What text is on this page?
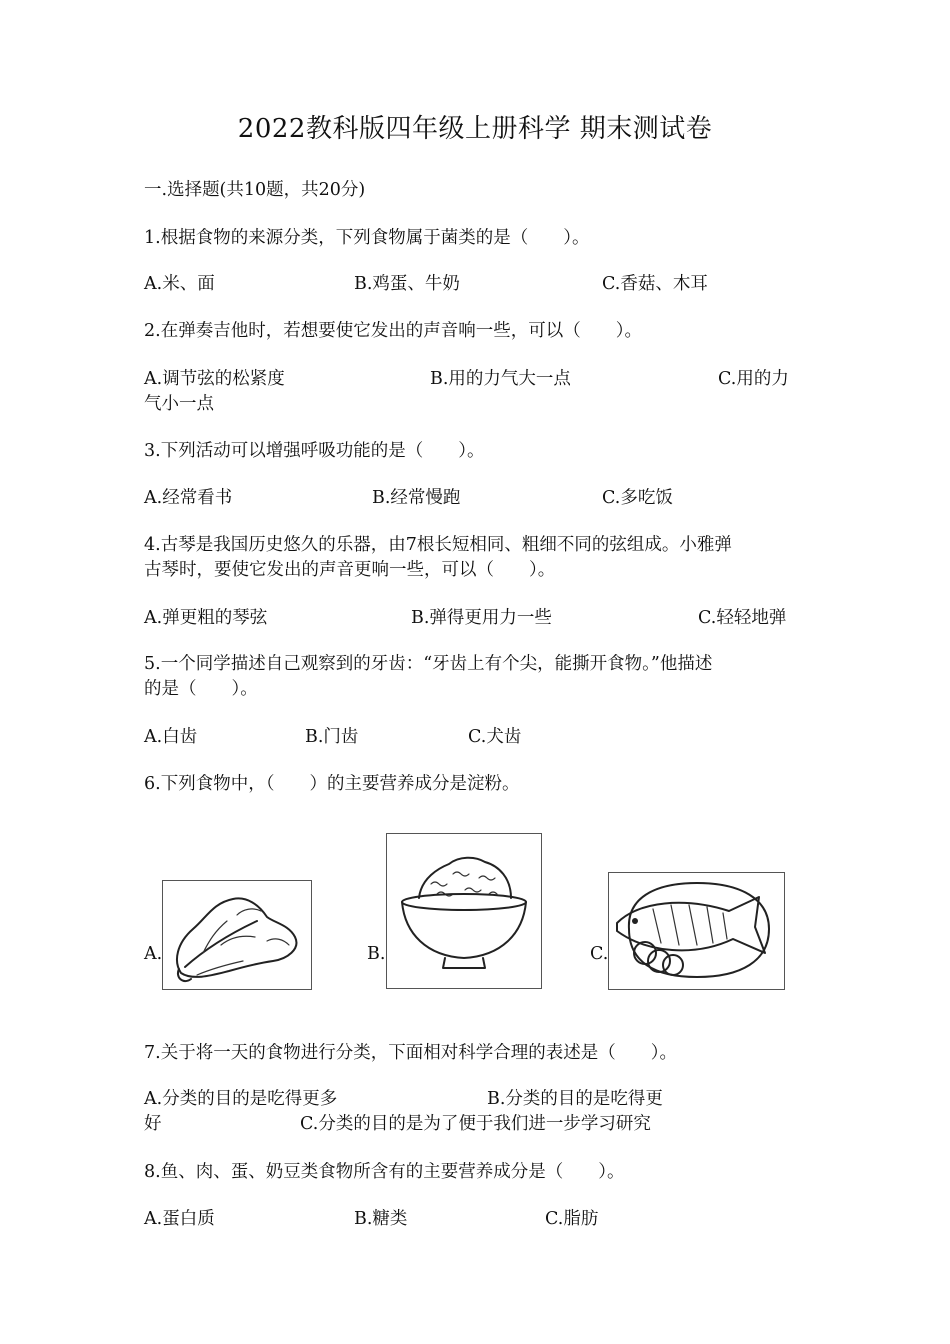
2022教科版四年级上册科学 期末测试卷
一.选择题(共10题，共20分)
1.根据食物的来源分类，下列食物属于菌类的是（　　）。
A.米、面	B.鸡蛋、牛奶	C.香菇、木耳
2.在弹奏吉他时，若想要使它发出的声音响一些，可以（　　）。
A.调节弦的松紧度	B.用的力气大一点	C.用的力
气小一点
3.下列活动可以增强呼吸功能的是（　　）。
A.经常看书	B.经常慢跑	C.多吃饭
4.古琴是我国历史悠久的乐器，由7根长短相同、粗细不同的弦组成。小雅弹
古琴时，要使它发出的声音更响一些，可以（　　）。
A.弹更粗的琴弦	B.弹得更用力一些	C.轻轻地弹
5.一个同学描述自己观察到的牙齿：“牙齿上有个尖，能撕开食物。”他描述
的是（　　）。
A.白齿	B.门齿	C.犬齿
6.下列食物中，（　　）的主要营养成分是淀粉。
A.	B.	C.
7.关于将一天的食物进行分类，下面相对科学合理的表述是（　　）。
A.分类的目的是吃得更多	B.分类的目的是吃得更
好	C.分类的目的是为了便于我们进一步学习研究
8.鱼、肉、蛋、奶豆类食物所含有的主要营养成分是（　　）。
A.蛋白质	B.糖类	C.脂肪
